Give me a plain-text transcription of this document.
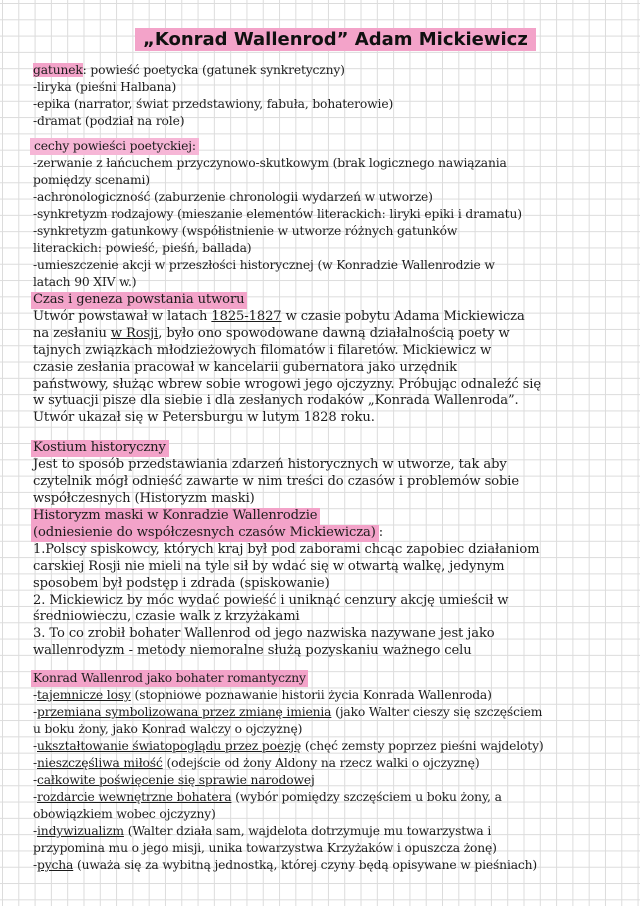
„Konrad Wallenrod” Adam Mickiewicz
gatunek: powieść poetycka (gatunek synkretyczny)
-liryka (pieśni Halbana)
-epika (narrator, świat przedstawiony, fabuła, bohaterowie)
-dramat (podział na role)
cechy powieści poetyckiej:
-zerwanie z łańcuchem przyczynowo-skutkowym (brak logicznego nawiązania
pomiędzy scenami)
-achronologiczność (zaburzenie chronologii wydarzeń w utworze)
-synkretyzm rodzajowy (mieszanie elementów literackich: liryki epiki i dramatu)
-synkretyzm gatunkowy (współistnienie w utworze różnych gatunków
literackich: powieść, pieśń, ballada)
-umieszczenie akcji w przeszłości historycznej (w Konradzie Wallenrodzie w
latach 90 XIV w.)
Czas i geneza powstania utworu
Utwór powstawał w latach 1825-1827 w czasie pobytu Adama Mickiewicza
na zesłaniu w Rosji, było ono spowodowane dawną działalnością poety w
tajnych związkach młodzieżowych filomatów i filaretów. Mickiewicz w
czasie zesłania pracował w kancelarii gubernatora jako urzędnik
państwowy, służąc wbrew sobie wrogowi jego ojczyzny. Próbując odnaleźć się
w sytuacji pisze dla siebie i dla zesłanych rodaków „Konrada Wallenroda”.
Utwór ukazał się w Petersburgu w lutym 1828 roku.
Kostium historyczny
Jest to sposób przedstawiania zdarzeń historycznych w utworze, tak aby
czytelnik mógł odnieść zawarte w nim treści do czasów i problemów sobie
współczesnych (Historyzm maski)
Historyzm maski w Konradzie Wallenrodzie
(odniesienie do współczesnych czasów Mickiewicza) :
1.Polscy spiskowcy, których kraj był pod zaborami chcąc zapobiec działaniom
carskiej Rosji nie mieli na tyle sił by wdać się w otwartą walkę, jedynym
sposobem był podstęp i zdrada (spiskowanie)
2. Mickiewicz by móc wydać powieść i uniknąć cenzury akcję umieścił w
średniowieczu, czasie walk z krzyżakami
3. To co zrobił bohater Wallenrod od jego nazwiska nazywane jest jako
wallenrodyzm - metody niemoralne służą pozyskaniu ważnego celu
Konrad Wallenrod jako bohater romantyczny
-tajemnicze losy (stopniowe poznawanie historii życia Konrada Wallenroda)
-przemiana symbolizowana przez zmianę imienia (jako Walter cieszy się szczęściem
u boku żony, jako Konrad walczy o ojczyznę)
-ukształtowanie światopoglądu przez poezję (chęć zemsty poprzez pieśni wajdeloty)
-nieszczęśliwa miłość (odejście od żony Aldony na rzecz walki o ojczyznę)
-całkowite poświęcenie się sprawie narodowej
-rozdarcie wewnętrzne bohatera (wybór pomiędzy szczęściem u boku żony, a
obowiązkiem wobec ojczyzny)
-indywizualizm (Walter działa sam, wajdelota dotrzymuje mu towarzystwa i
przypomina mu o jego misji, unika towarzystwa Krzyżaków i opuszcza żonę)
-pycha (uważa się za wybitną jednostką, której czyny będą opisywane w pieśniach)
